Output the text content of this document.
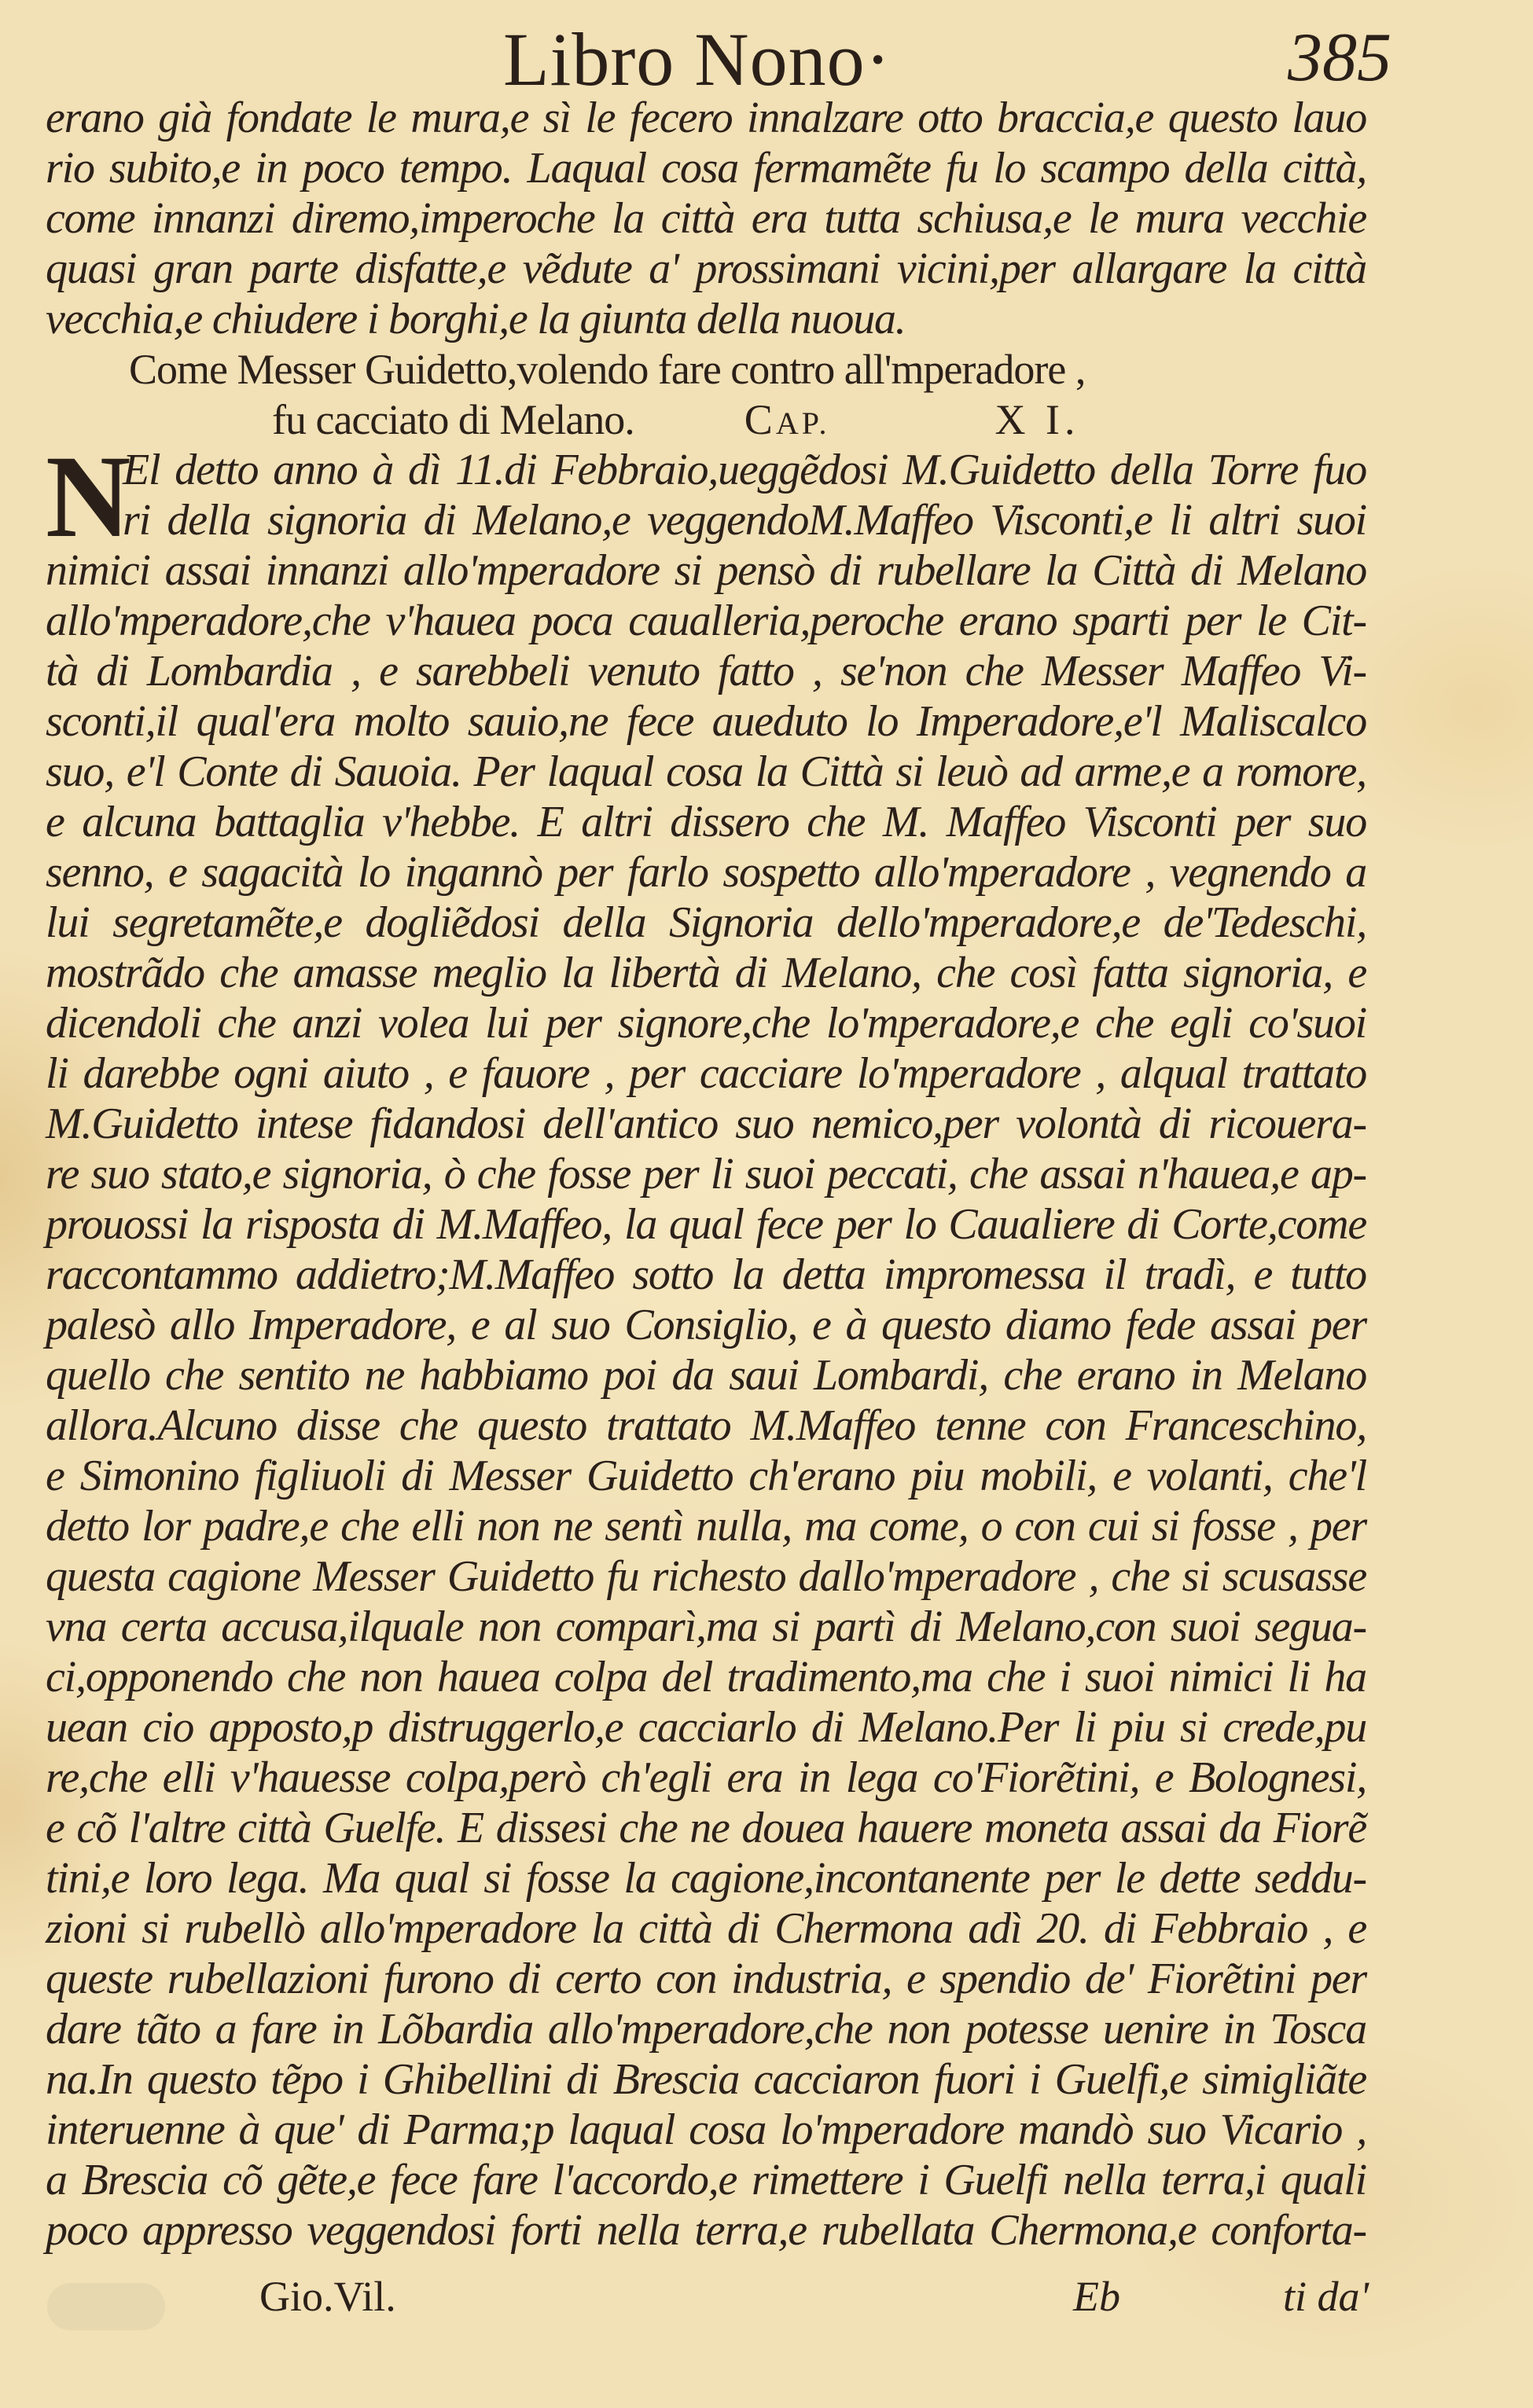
Libro Nono·	385
erano già fondate le mura,e sì le fecero innalzare otto braccia,e questo lauo
rio subito,e in poco tempo. Laqual cosa fermamẽte fu lo scampo della città,
come innanzi diremo,imperoche la città era tutta schiusa,e le mura vecchie
quasi gran parte disfatte,e vẽdute a' prossimani vicini,per allargare la città
vecchia,e chiudere i borghi,e la giunta della nuoua.
Come Messer Guidetto,volendo fare contro all'mperadore ,
fu cacciato di Melano.	CAP.	X I.
N
El detto anno à dì 11.di Febbraio,ueggẽdosi M.Guidetto della Torre fuo
ri della signoria di Melano,e veggendoM.Maffeo Visconti,e li altri suoi
nimici assai innanzi allo'mperadore si pensò di rubellare la Città di Melano
allo'mperadore,che v'hauea poca caualleria,peroche erano sparti per le Cit-
tà di Lombardia , e sarebbeli venuto fatto , se'non che Messer Maffeo Vi-
sconti,il qual'era molto sauio,ne fece aueduto lo Imperadore,e'l Maliscalco
suo, e'l Conte di Sauoia. Per laqual cosa la Città si leuò ad arme,e a romore,
e alcuna battaglia v'hebbe. E altri dissero che M. Maffeo Visconti per suo
senno, e sagacità lo ingannò per farlo sospetto allo'mperadore , vegnendo a
lui segretamẽte,e dogliẽdosi della Signoria dello'mperadore,e de'Tedeschi,
mostrãdo che amasse meglio la libertà di Melano, che così fatta signoria, e
dicendoli che anzi volea lui per signore,che lo'mperadore,e che egli co'suoi
li darebbe ogni aiuto , e fauore , per cacciare lo'mperadore , alqual trattato
M.Guidetto intese fidandosi dell'antico suo nemico,per volontà di ricouera-
re suo stato,e signoria, ò che fosse per li suoi peccati, che assai n'hauea,e ap-
prouossi la risposta di M.Maffeo, la qual fece per lo Caualiere di Corte,come
raccontammo addietro;M.Maffeo sotto la detta impromessa il tradì, e tutto
palesò allo Imperadore, e al suo Consiglio, e à questo diamo fede assai per
quello che sentito ne habbiamo poi da saui Lombardi, che erano in Melano
allora.Alcuno disse che questo trattato M.Maffeo tenne con Franceschino,
e Simonino figliuoli di Messer Guidetto ch'erano piu mobili, e volanti, che'l
detto lor padre,e che elli non ne sentì nulla, ma come, o con cui si fosse , per
questa cagione Messer Guidetto fu richesto dallo'mperadore , che si scusasse
vna certa accusa,ilquale non comparì,ma si partì di Melano,con suoi segua-
ci,opponendo che non hauea colpa del tradimento,ma che i suoi nimici li ha
uean cio apposto,p distruggerlo,e cacciarlo di Melano.Per li piu si crede,pu
re,che elli v'hauesse colpa,però ch'egli era in lega co'Fiorẽtini, e Bolognesi,
e cõ l'altre città Guelfe. E dissesi che ne douea hauere moneta assai da Fiorẽ
tini,e loro lega. Ma qual si fosse la cagione,incontanente per le dette seddu-
zioni si rubellò allo'mperadore la città di Chermona adì 20. di Febbraio , e
queste rubellazioni furono di certo con industria, e spendio de' Fiorẽtini per
dare tãto a fare in Lõbardia allo'mperadore,che non potesse uenire in Tosca
na.In questo tẽpo i Ghibellini di Brescia cacciaron fuori i Guelfi,e simigliãte
interuenne à que' di Parma;p laqual cosa lo'mperadore mandò suo Vicario ,
a Brescia cõ gẽte,e fece fare l'accordo,e rimettere i Guelfi nella terra,i quali
poco appresso veggendosi forti nella terra,e rubellata Chermona,e conforta-
Gio.Vil.	Eb	ti da'
